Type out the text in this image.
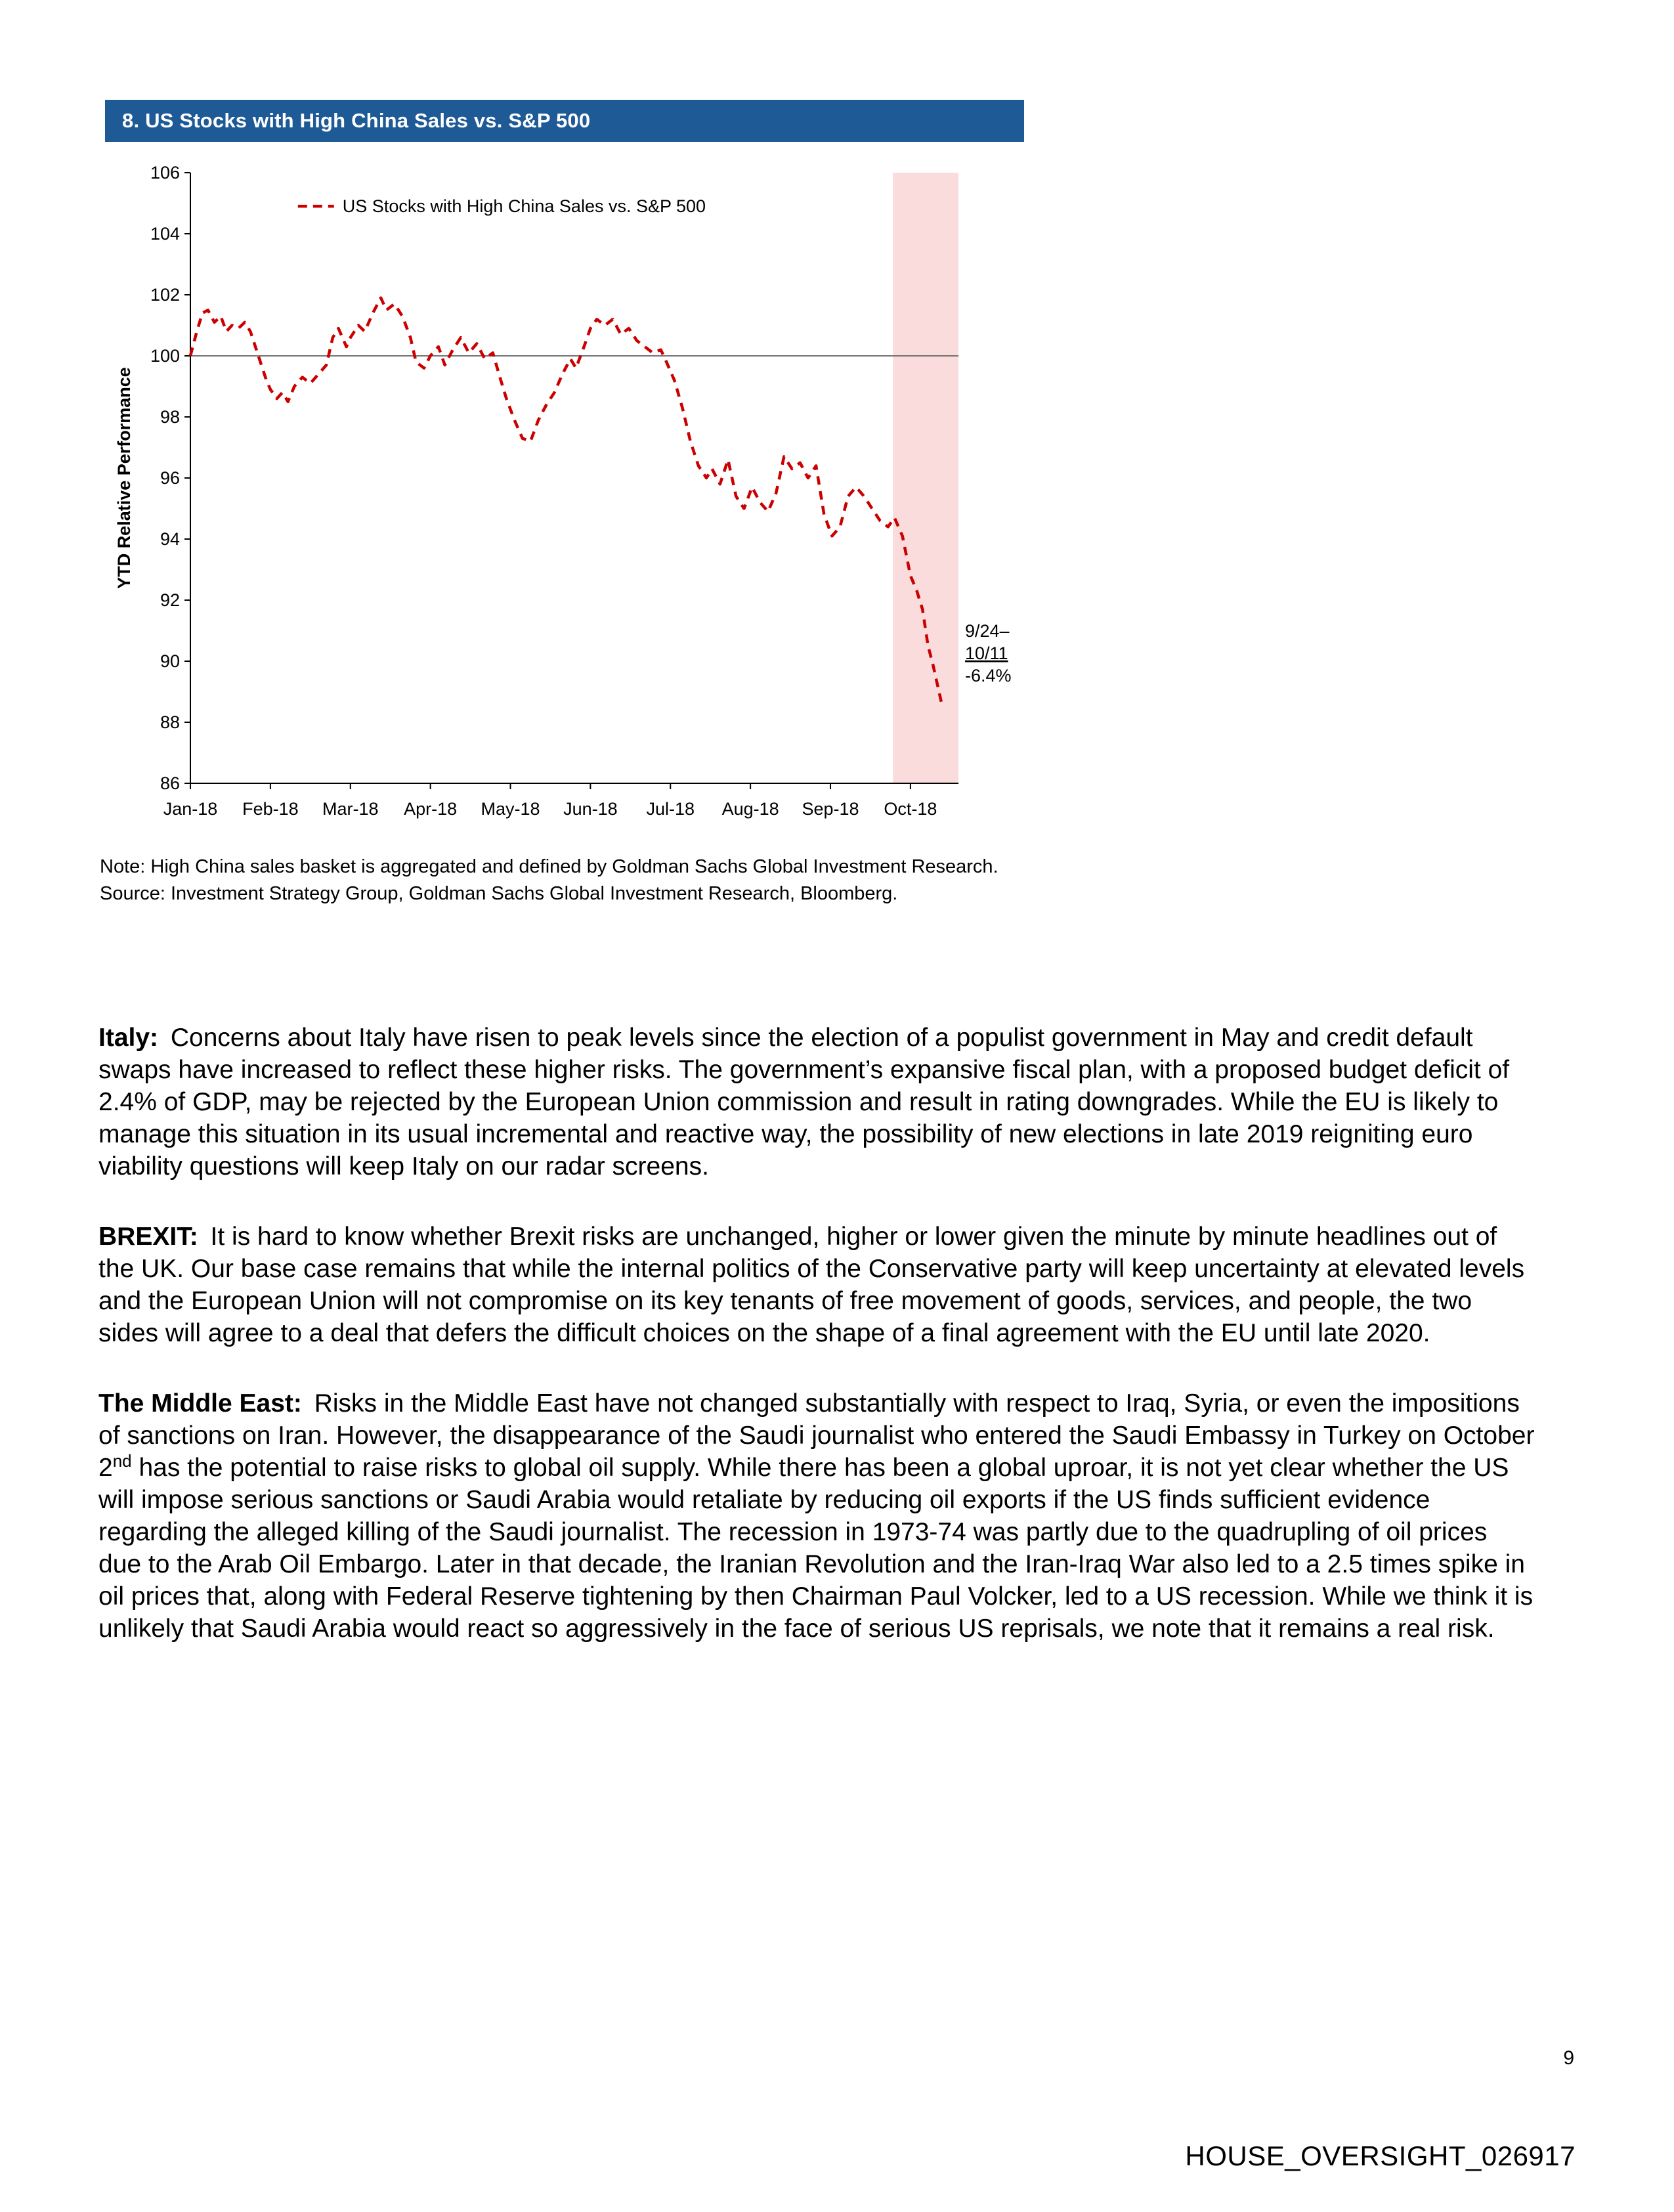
8. US Stocks with High China Sales vs. S&P 500
86
88
90
92
94
96
98
100
102
104
106
Jan-18 Feb-18 Mar-18 Apr-18 May-18 Jun-18 Jul-18 Aug-18 Sep-18 Oct-18
YTD Relative Performance
US Stocks with High China Sales vs. S&P 500
9/24–
10/11
-6.4%
Note: High China sales basket is aggregated and defined by Goldman Sachs Global Investment Research.
Source: Investment Strategy Group, Goldman Sachs Global Investment Research, Bloomberg.

Italy: Concerns about Italy have risen to peak levels since the election of a populist government in May and credit default swaps have increased to reflect these higher risks. The government’s expansive fiscal plan, with a proposed budget deficit of 2.4% of GDP, may be rejected by the European Union commission and result in rating downgrades. While the EU is likely to manage this situation in its usual incremental and reactive way, the possibility of new elections in late 2019 reigniting euro viability questions will keep Italy on our radar screens.

BREXIT: It is hard to know whether Brexit risks are unchanged, higher or lower given the minute by minute headlines out of the UK. Our base case remains that while the internal politics of the Conservative party will keep uncertainty at elevated levels and the European Union will not compromise on its key tenants of free movement of goods, services, and people, the two sides will agree to a deal that defers the difficult choices on the shape of a final agreement with the EU until late 2020.

The Middle East: Risks in the Middle East have not changed substantially with respect to Iraq, Syria, or even the impositions of sanctions on Iran. However, the disappearance of the Saudi journalist who entered the Saudi Embassy in Turkey on October 2nd has the potential to raise risks to global oil supply. While there has been a global uproar, it is not yet clear whether the US will impose serious sanctions or Saudi Arabia would retaliate by reducing oil exports if the US finds sufficient evidence regarding the alleged killing of the Saudi journalist. The recession in 1973-74 was partly due to the quadrupling of oil prices due to the Arab Oil Embargo. Later in that decade, the Iranian Revolution and the Iran-Iraq War also led to a 2.5 times spike in oil prices that, along with Federal Reserve tightening by then Chairman Paul Volcker, led to a US recession. While we think it is unlikely that Saudi Arabia would react so aggressively in the face of serious US reprisals, we note that it remains a real risk.

9
HOUSE_OVERSIGHT_026917
